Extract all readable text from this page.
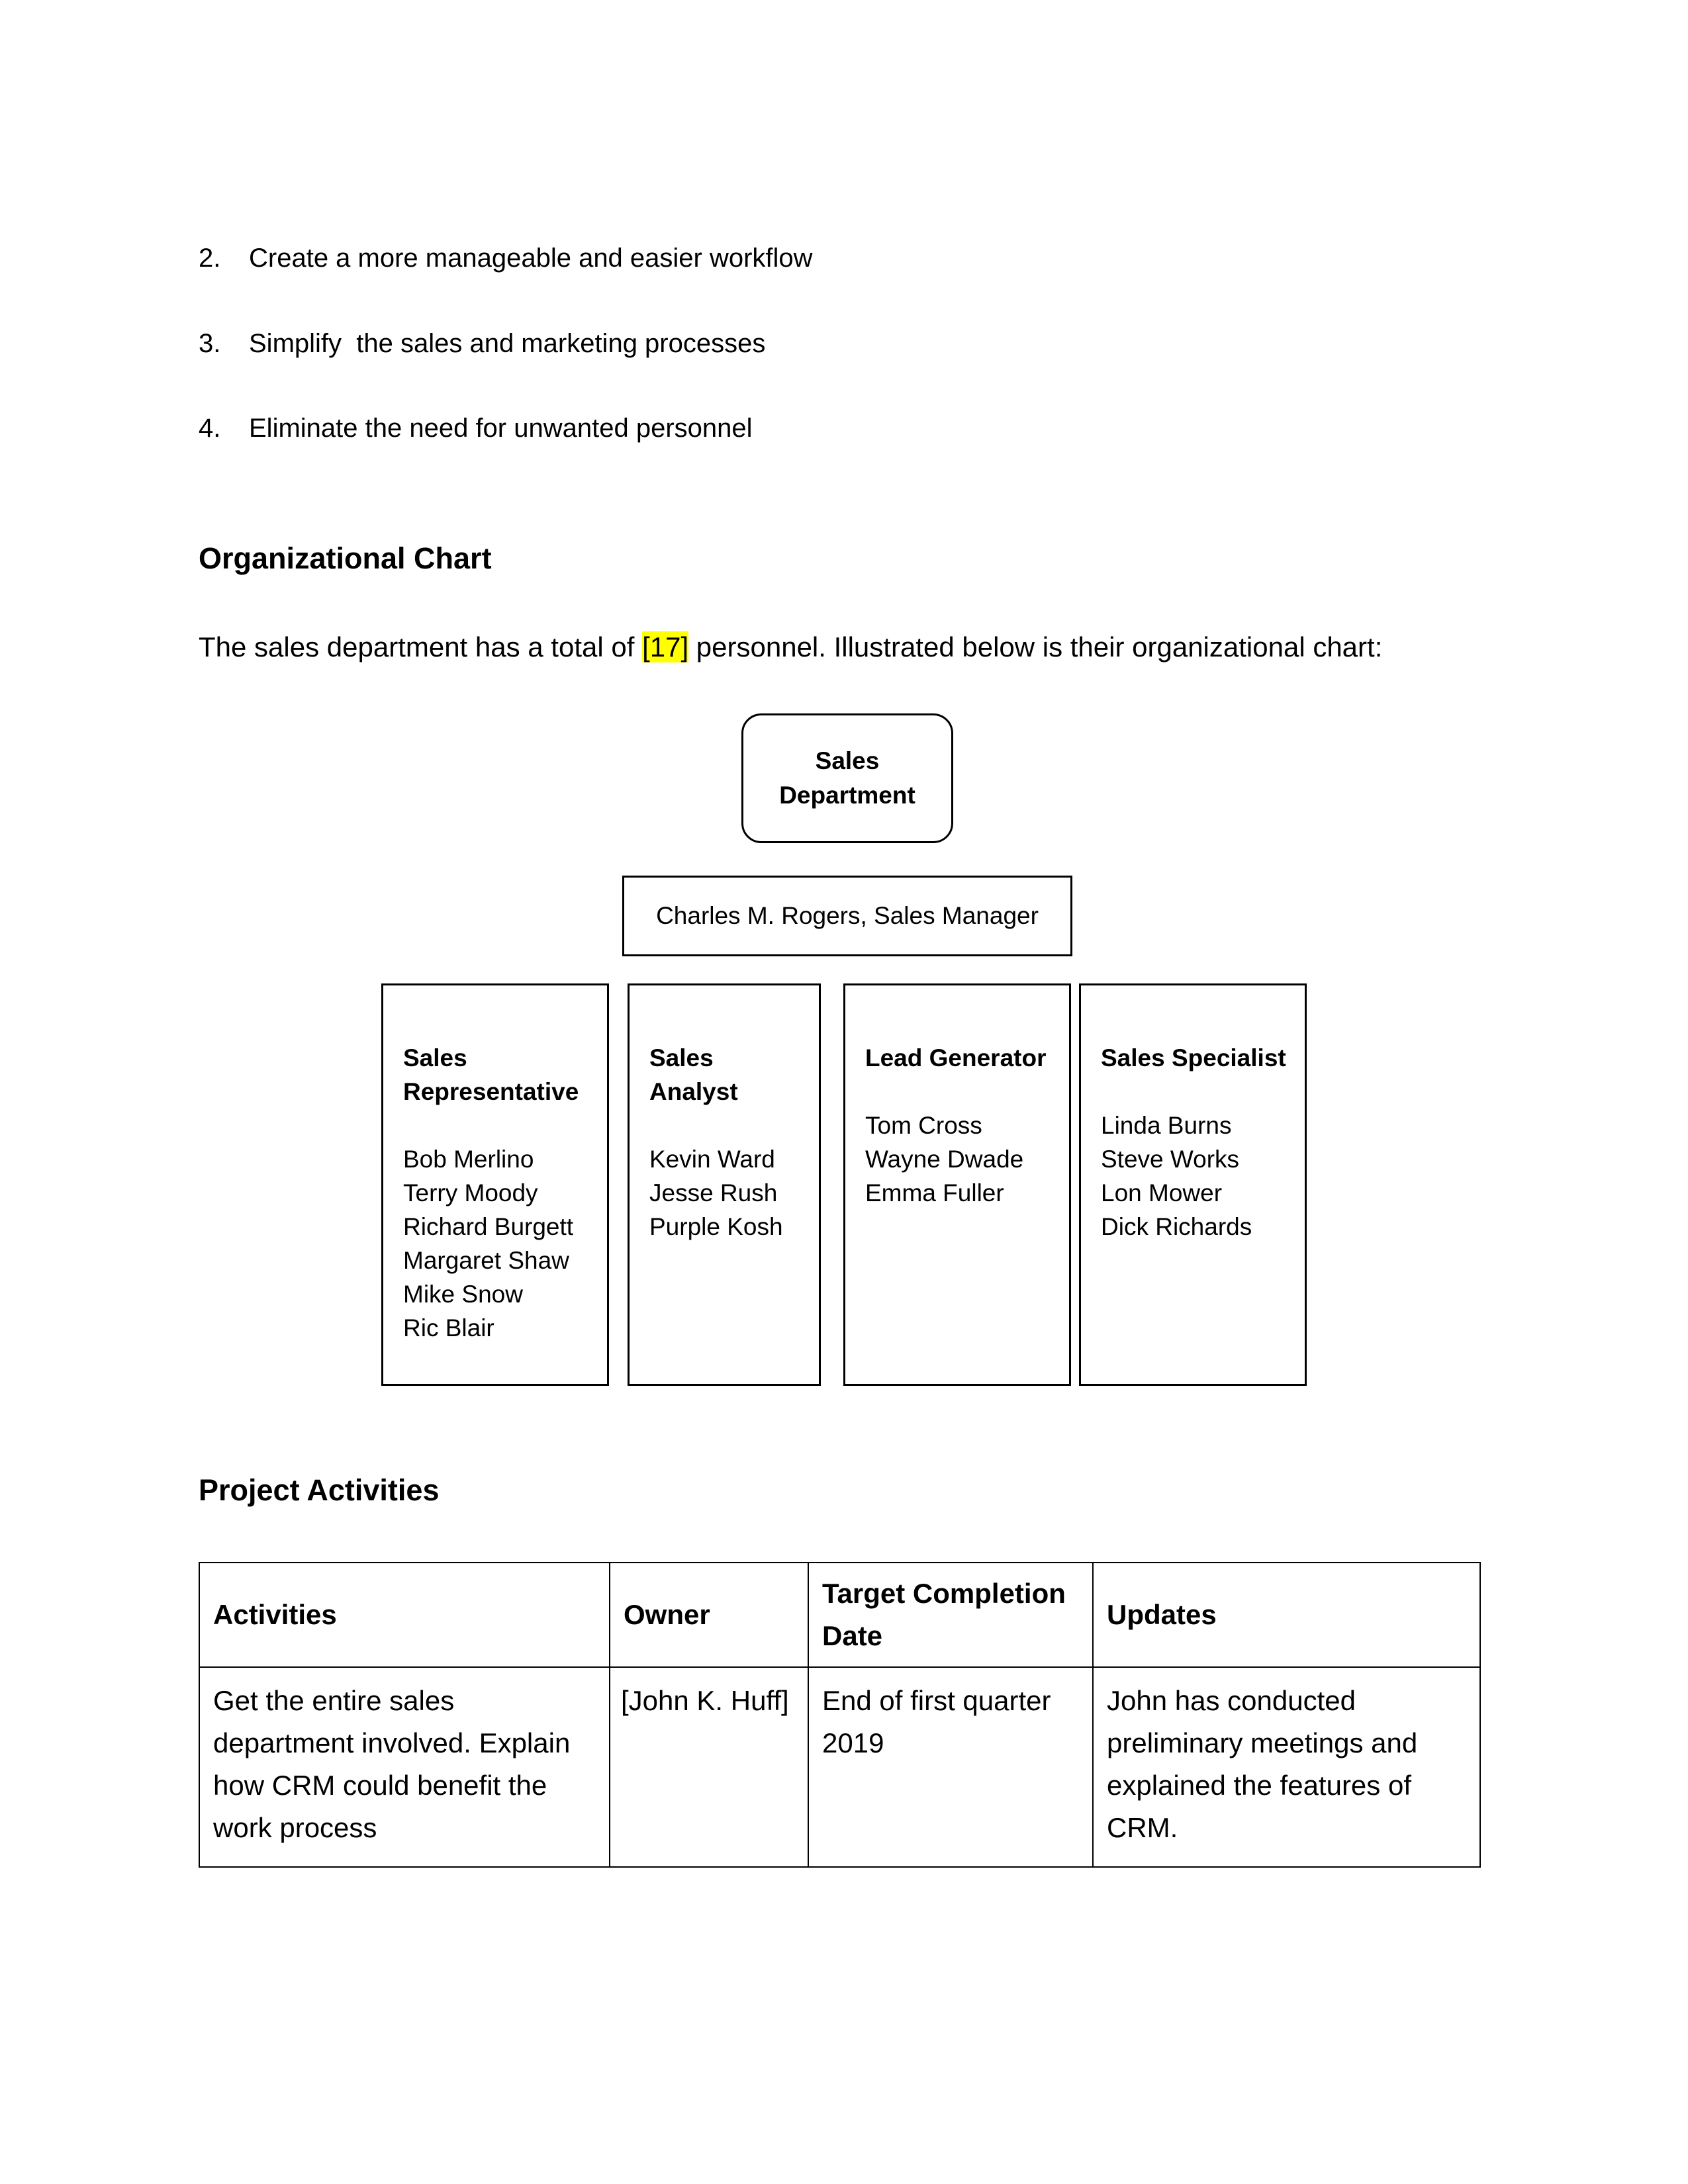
2. Create a more manageable and easier workflow
3. Simplify  the sales and marketing processes
4. Eliminate the need for unwanted personnel
Organizational Chart
The sales department has a total of [17] personnel. Illustrated below is their organizational chart:
Sales
Department
Charles M. Rogers, Sales Manager
Sales
Representative
Bob Merlino
Terry Moody
Richard Burgett
Margaret Shaw
Mike Snow
Ric Blair
Sales
Analyst
Kevin Ward
Jesse Rush
Purple Kosh
Lead Generator
Tom Cross
Wayne Dwade
Emma Fuller
Sales Specialist
Linda Burns
Steve Works
Lon Mower
Dick Richards
Project Activities
Activities	Owner	Target Completion Date	Updates
Get the entire sales department involved. Explain how CRM could benefit the work process	[John K. Huff]	End of first quarter 2019	John has conducted preliminary meetings and explained the features of CRM.
